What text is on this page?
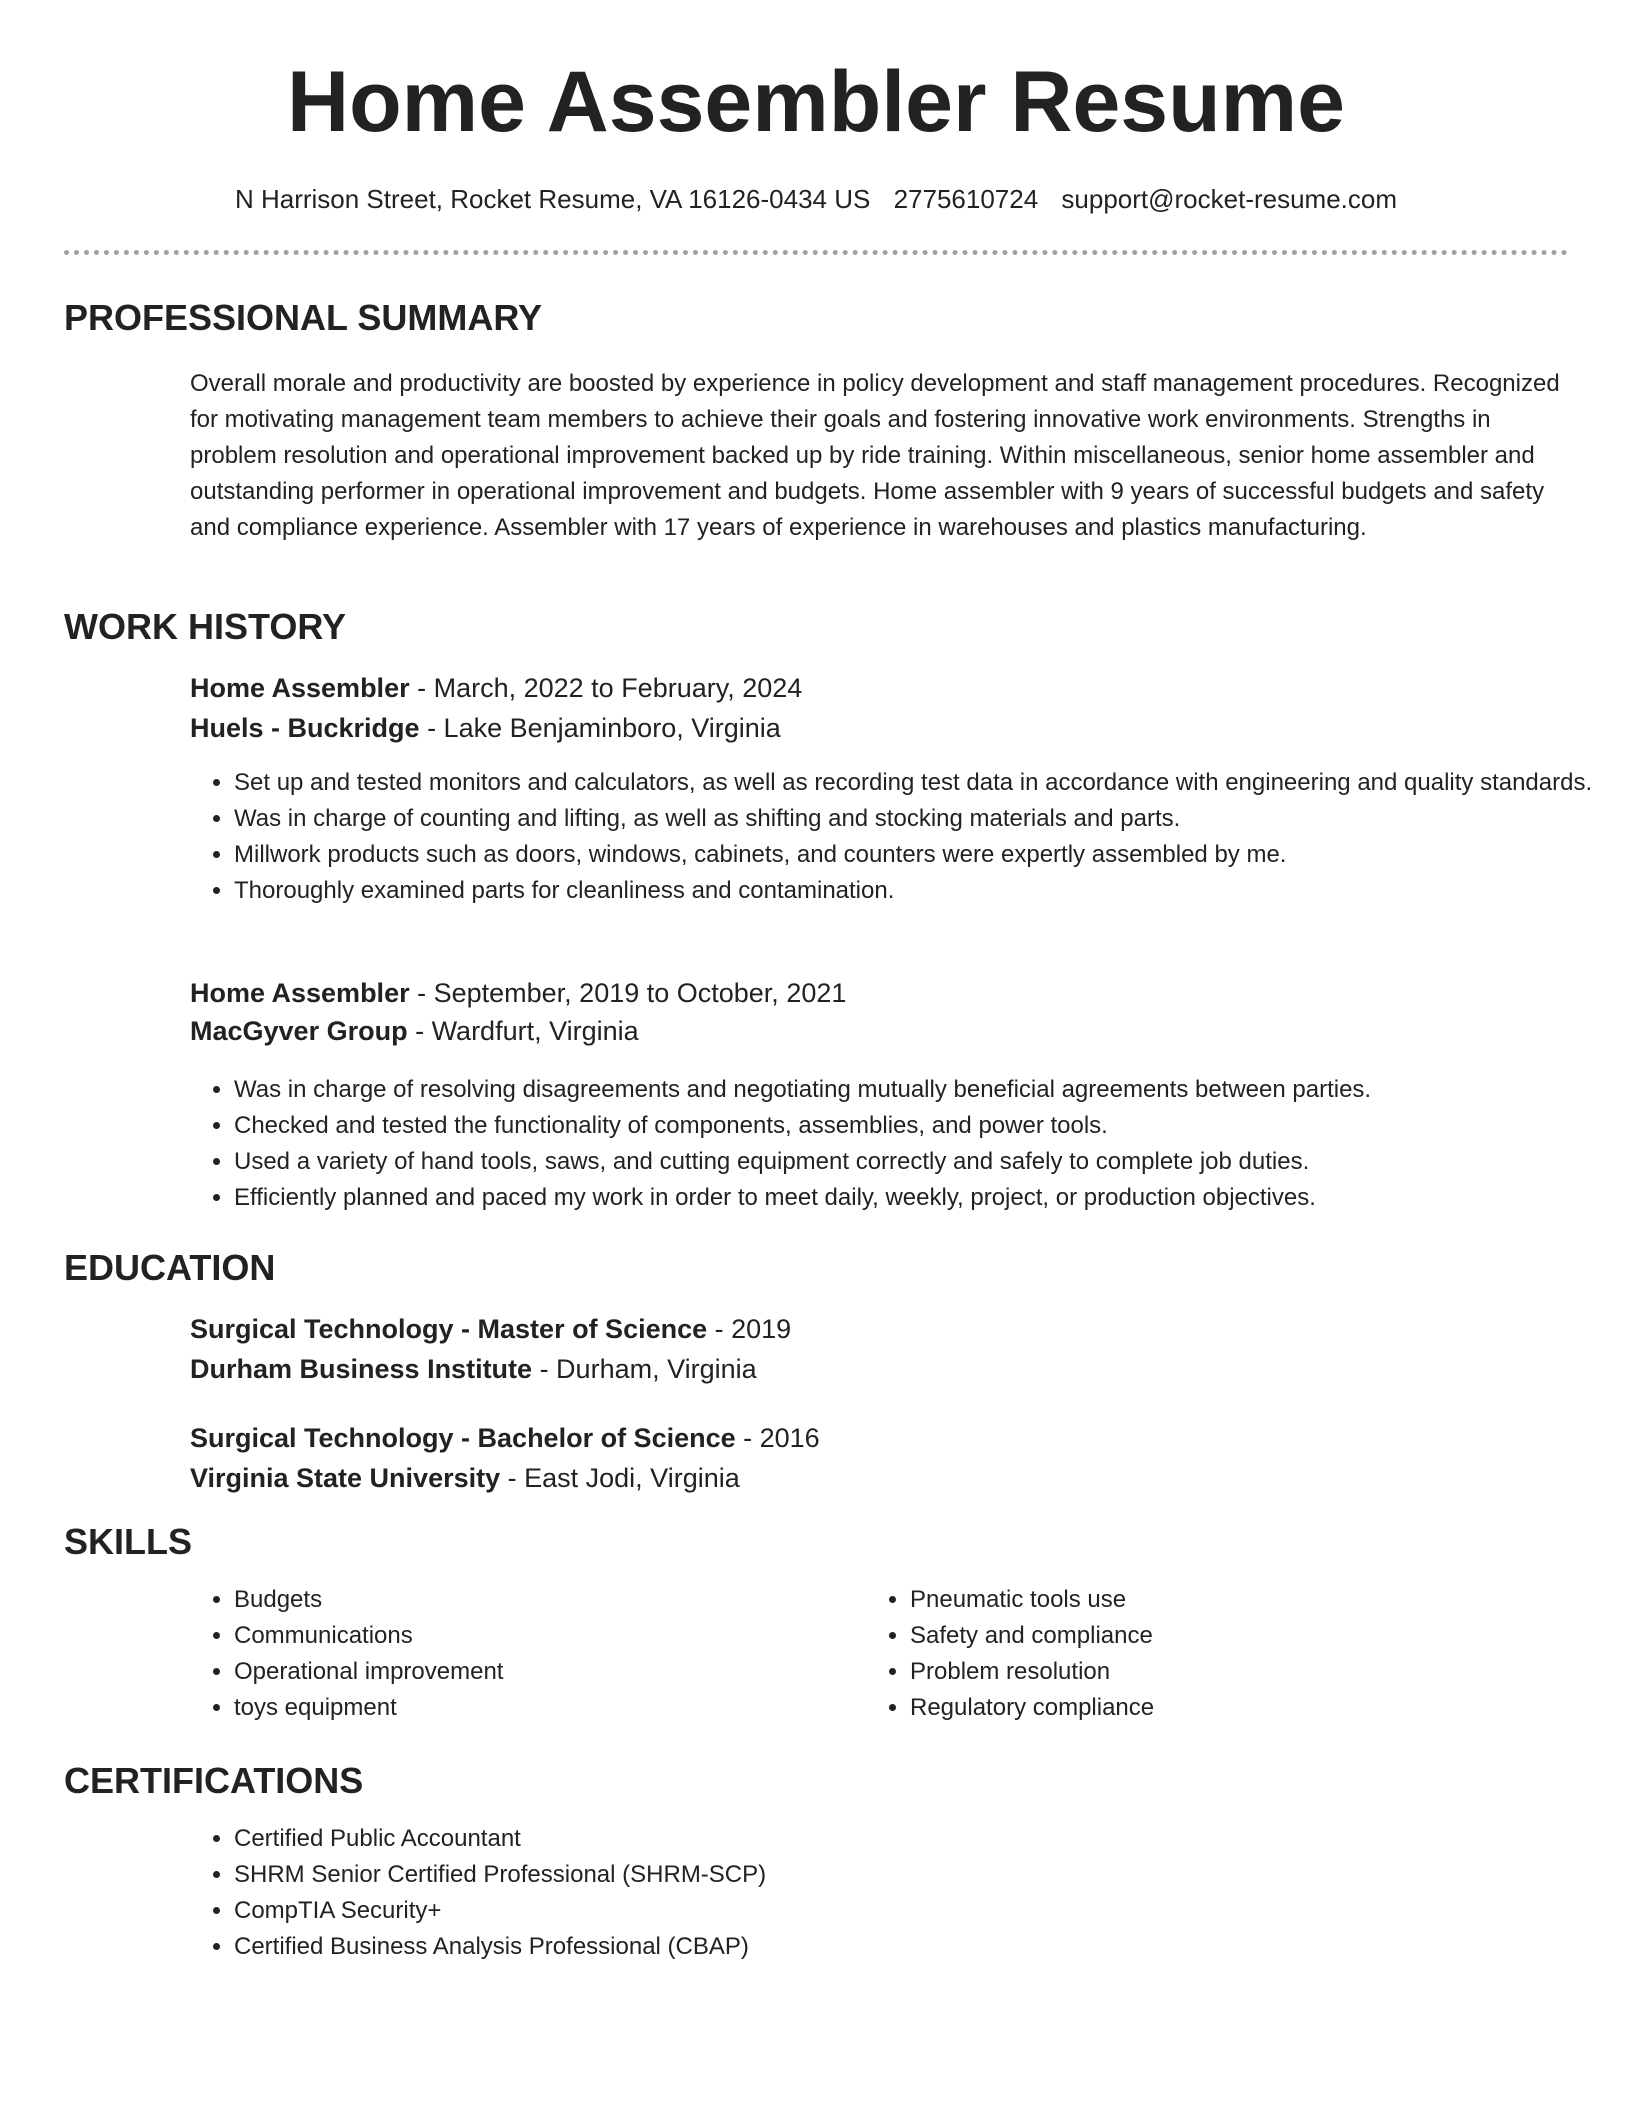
Home Assembler Resume
N Harrison Street, Rocket Resume, VA 16126-0434 US 2775610724 support@rocket-resume.com
PROFESSIONAL SUMMARY

Overall morale and productivity are boosted by experience in policy development and staff management procedures. Recognized for motivating management team members to achieve their goals and fostering innovative work environments. Strengths in problem resolution and operational improvement backed up by ride training. Within miscellaneous, senior home assembler and outstanding performer in operational improvement and budgets. Home assembler with 9 years of successful budgets and safety and compliance experience. Assembler with 17 years of experience in warehouses and plastics manufacturing.

WORK HISTORY
Home Assembler - March, 2022 to February, 2024
Huels - Buckridge - Lake Benjaminboro, Virginia
• Set up and tested monitors and calculators, as well as recording test data in accordance with engineering and quality standards.
• Was in charge of counting and lifting, as well as shifting and stocking materials and parts.
• Millwork products such as doors, windows, cabinets, and counters were expertly assembled by me.
• Thoroughly examined parts for cleanliness and contamination.
Home Assembler - September, 2019 to October, 2021
MacGyver Group - Wardfurt, Virginia
• Was in charge of resolving disagreements and negotiating mutually beneficial agreements between parties.
• Checked and tested the functionality of components, assemblies, and power tools.
• Used a variety of hand tools, saws, and cutting equipment correctly and safely to complete job duties.
• Efficiently planned and paced my work in order to meet daily, weekly, project, or production objectives.
EDUCATION
Surgical Technology - Master of Science - 2019
Durham Business Institute - Durham, Virginia
Surgical Technology - Bachelor of Science - 2016
Virginia State University - East Jodi, Virginia
SKILLS
• Budgets
• Communications
• Operational improvement
• toys equipment
• Pneumatic tools use
• Safety and compliance
• Problem resolution
• Regulatory compliance
CERTIFICATIONS
• Certified Public Accountant
• SHRM Senior Certified Professional (SHRM-SCP)
• CompTIA Security+
• Certified Business Analysis Professional (CBAP)
